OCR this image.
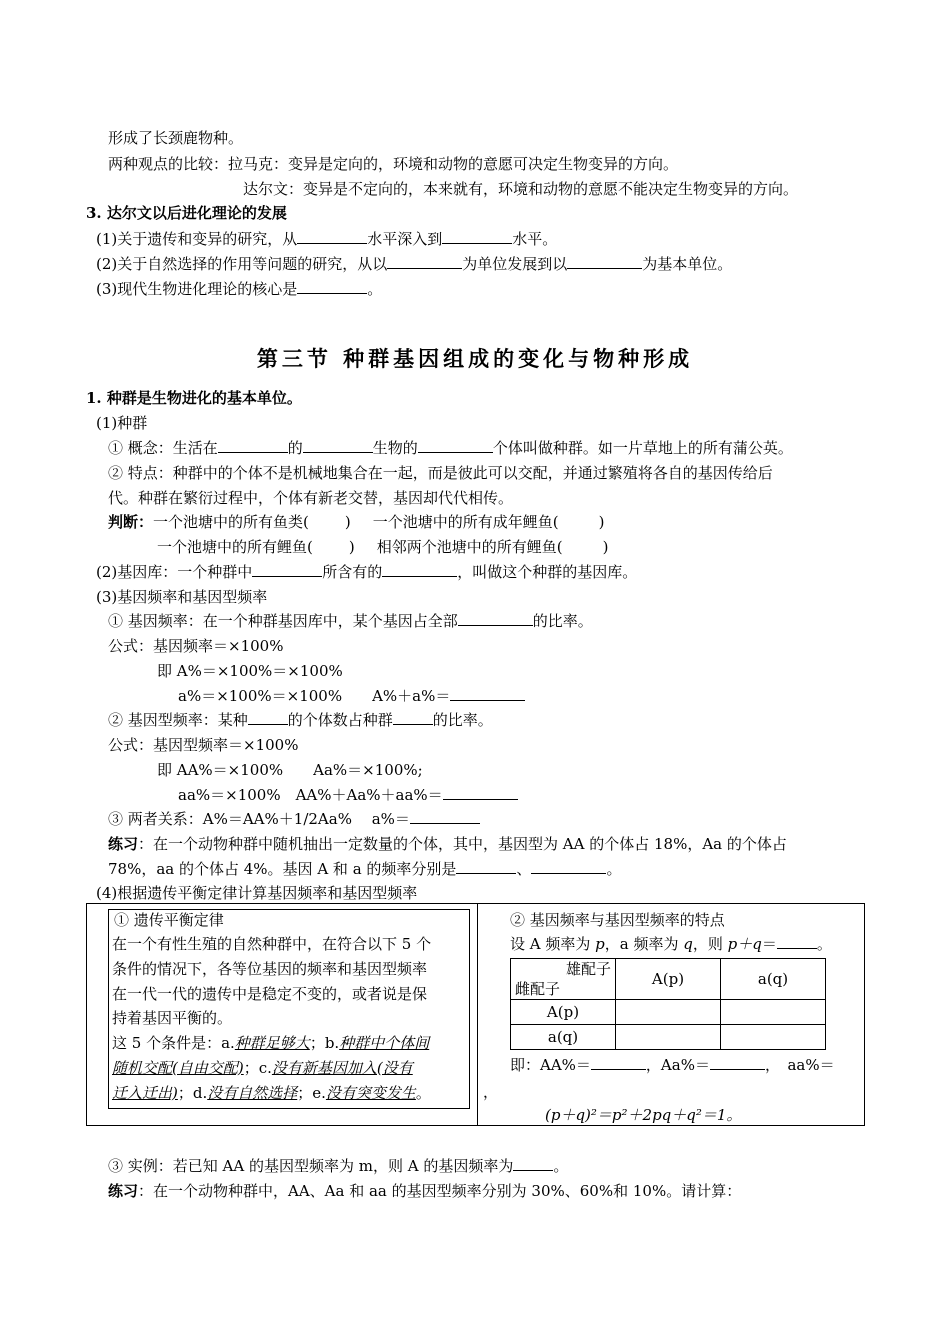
形成了长颈鹿物种。
两种观点的比较：拉马克：变异是定向的，环境和动物的意愿可决定生物变异的方向。
达尔文：变异是不定向的，本来就有，环境和动物的意愿不能决定生物变异的方向。
3. 达尔文以后进化理论的发展
(1)关于遗传和变异的研究，从	水平深入到	水平。
(2)关于自然选择的作用等问题的研究，从以	为单位发展到以	为基本单位。
(3)现代生物进化理论的核心是	。
第三节 种群基因组成的变化与物种形成
1. 种群是生物进化的基本单位。
(1)种群
① 概念：生活在	的	生物的	个体叫做种群。如一片草地上的所有蒲公英。
② 特点：种群中的个体不是机械地集合在一起，而是彼此可以交配，并通过繁殖将各自的基因传给后
代。种群在繁衍过程中，个体有新老交替，基因却代代相传。
判断：一个池塘中的所有鱼类( ) 一个池塘中的所有成年鲤鱼(	)
一个池塘中的所有鲤鱼( ) 相邻两个池塘中的所有鲤鱼(	)
(2)基因库：一个种群中	所含有的	，叫做这个种群的基因库。
(3)基因频率和基因型频率
① 基因频率：在一个种群基因库中，某个基因占全部	的比率。
公式：基因频率＝×100%
即 A%＝×100%＝×100%
a%＝×100%＝×100%　　A%＋a%＝
② 基因型频率：某种	的个体数占种群	的比率。
公式：基因型频率＝×100%
即 AA%＝×100%　　Aa%＝×100%;
aa%＝×100%　AA%＋Aa%＋aa%＝
③ 两者关系：A%＝AA%＋1/2Aa%　 a%＝
练习：在一个动物种群中随机抽出一定数量的个体，其中，基因型为 AA 的个体占 18%，Aa 的个体占
78%，aa 的个体占 4%。基因 A 和 a 的频率分别是	、	。
(4)根据遗传平衡定律计算基因频率和基因型频率
① 遗传平衡定律
在一个有性生殖的自然种群中，在符合以下 5 个
条件的情况下，各等位基因的频率和基因型频率
在一代一代的遗传中是稳定不变的，或者说是保
持着基因平衡的。
这 5 个条件是：a.种群足够大；b.种群中个体间
随机交配(自由交配)；c.没有新基因加入(没有
迁入迁出)；d.没有自然选择；e.没有突变发生。
② 基因频率与基因型频率的特点
设 A 频率为 p，a 频率为 q，则 p＋q＝	。
雄配子
雌配子	A(p)	a(q)
A(p)		
a(q)		
即：AA%＝	，Aa%＝	，　aa%＝
，
(p＋q)²＝p²＋2pq＋q²＝1。
③ 实例：若已知 AA 的基因型频率为 m，则 A 的基因频率为	。
练习：在一个动物种群中，AA、Aa 和 aa 的基因型频率分别为 30%、60%和 10%。请计算：
